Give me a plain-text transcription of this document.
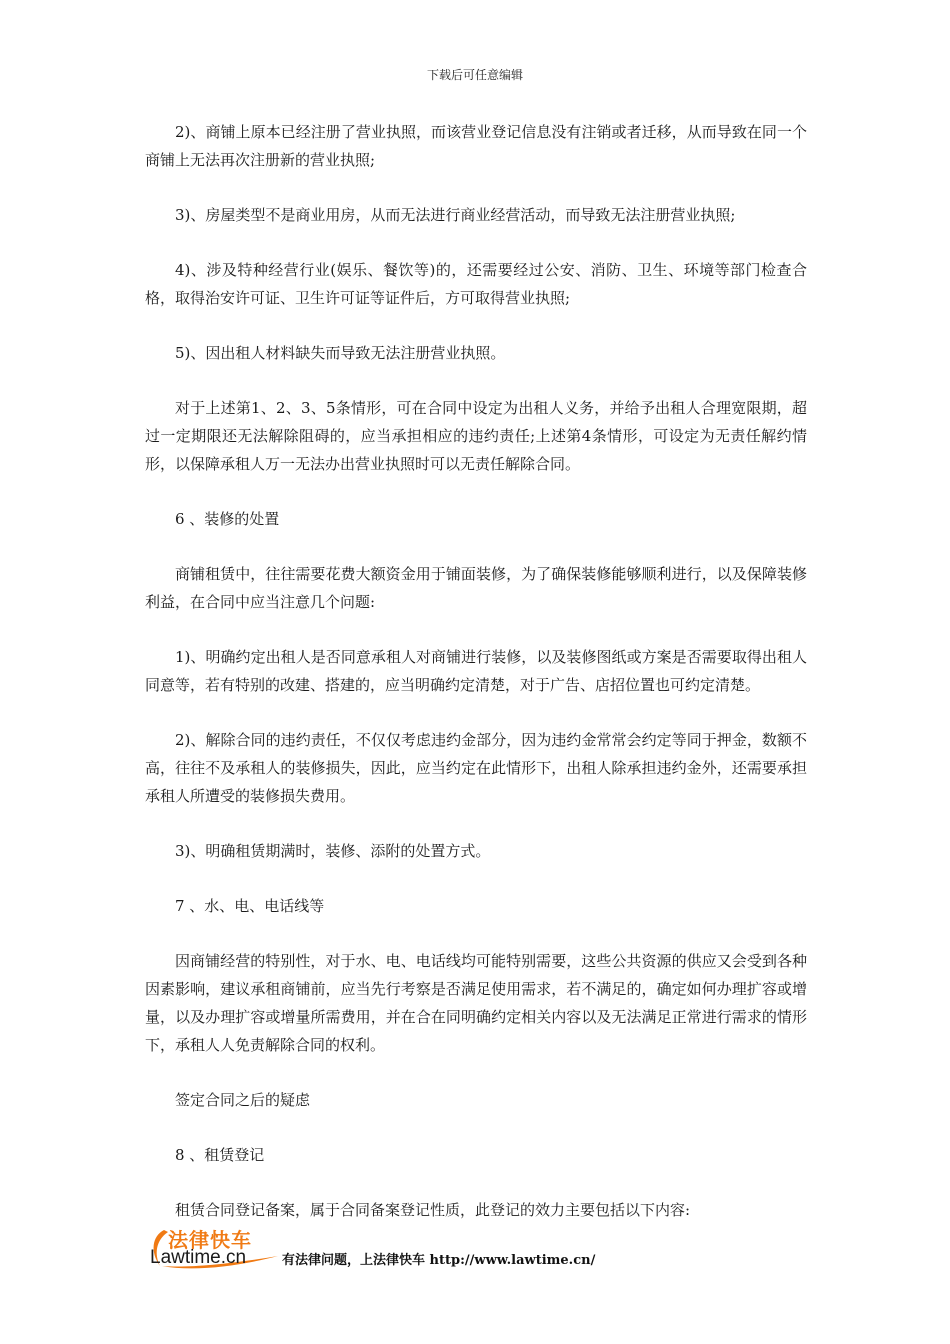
下载后可任意编辑

2)、商铺上原本已经注册了营业执照，而该营业登记信息没有注销或者迁移，从而导致在同一个商铺上无法再次注册新的营业执照;

3)、房屋类型不是商业用房，从而无法进行商业经营活动，而导致无法注册营业执照;

4)、涉及特种经营行业(娱乐、餐饮等)的，还需要经过公安、消防、卫生、环境等部门检查合格，取得治安许可证、卫生许可证等证件后，方可取得营业执照;

5)、因出租人材料缺失而导致无法注册营业执照。

对于上述第1、2、3、5条情形，可在合同中设定为出租人义务，并给予出租人合理宽限期，超过一定期限还无法解除阻碍的，应当承担相应的违约责任;上述第4条情形，可设定为无责任解约情形，以保障承租人万一无法办出营业执照时可以无责任解除合同。

6 、装修的处置

商铺租赁中，往往需要花费大额资金用于铺面装修，为了确保装修能够顺利进行，以及保障装修利益，在合同中应当注意几个问题:

1)、明确约定出租人是否同意承租人对商铺进行装修，以及装修图纸或方案是否需要取得出租人同意等，若有特别的改建、搭建的，应当明确约定清楚，对于广告、店招位置也可约定清楚。

2)、解除合同的违约责任，不仅仅考虑违约金部分，因为违约金常常会约定等同于押金，数额不高，往往不及承租人的装修损失，因此，应当约定在此情形下，出租人除承担违约金外，还需要承担承租人所遭受的装修损失费用。

3)、明确租赁期满时，装修、添附的处置方式。

7 、水、电、电话线等

因商铺经营的特别性，对于水、电、电话线均可能特别需要，这些公共资源的供应又会受到各种因素影响，建议承租商铺前，应当先行考察是否满足使用需求，若不满足的，确定如何办理扩容或增量，以及办理扩容或增量所需费用，并在合在同明确约定相关内容以及无法满足正常进行需求的情形下，承租人人免责解除合同的权利。

签定合同之后的疑虑

8 、租赁登记

租赁合同登记备案，属于合同备案登记性质，此登记的效力主要包括以下内容:

法律快车
Lawtime.cn	有法律问题，上法律快车 http://www.lawtime.cn/
